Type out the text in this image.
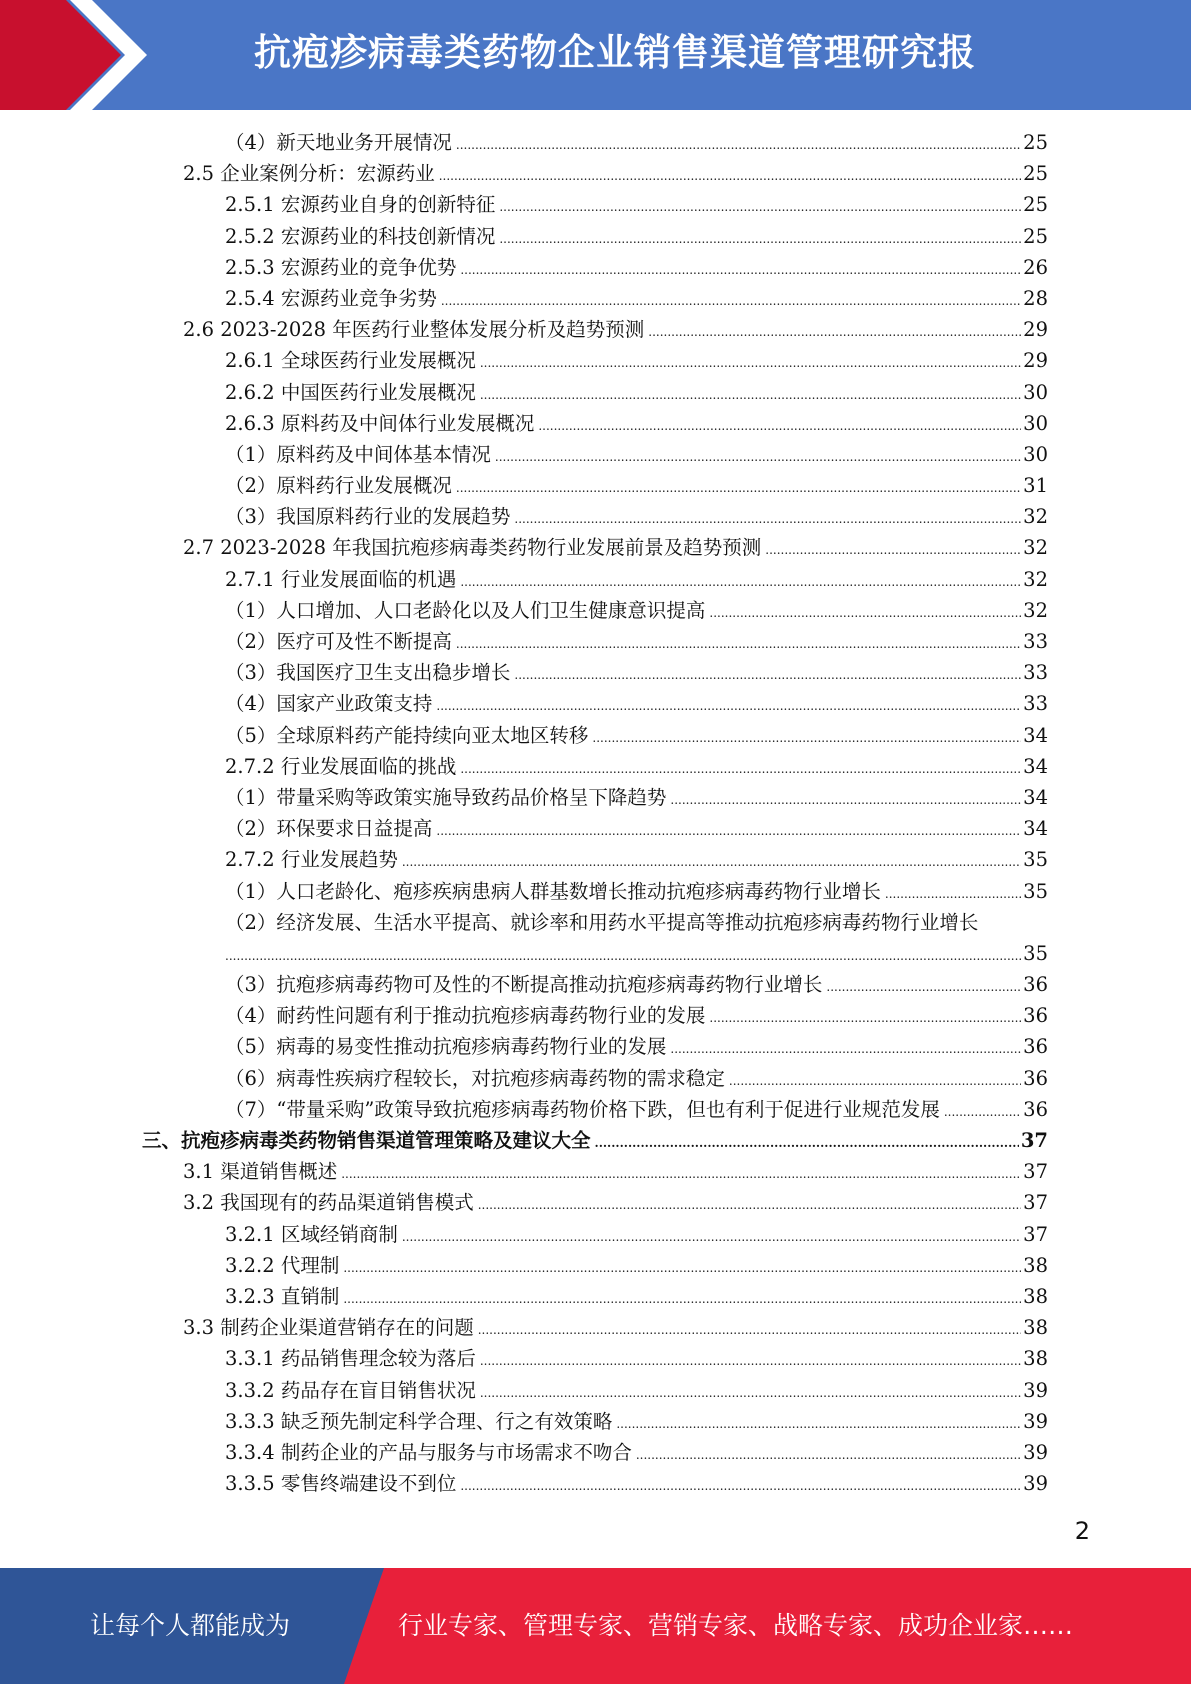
抗疱疹病毒类药物企业销售渠道管理研究报告
（4）新天地业务开展情况 .....	25
2.5 企业案例分析：宏源药业 .....	25
2.5.1 宏源药业自身的创新特征 .....	25
2.5.2 宏源药业的科技创新情况 .....	25
2.5.3 宏源药业的竞争优势 .....	26
2.5.4 宏源药业竞争劣势 .....	28
2.6 2023-2028 年医药行业整体发展分析及趋势预测 .....	29
2.6.1 全球医药行业发展概况 .....	29
2.6.2 中国医药行业发展概况 .....	30
2.6.3 原料药及中间体行业发展概况 .....	30
（1）原料药及中间体基本情况 .....	30
（2）原料药行业发展概况 .....	31
（3）我国原料药行业的发展趋势 .....	32
2.7 2023-2028 年我国抗疱疹病毒类药物行业发展前景及趋势预测 .....	32
2.7.1 行业发展面临的机遇 .....	32
（1）人口增加、人口老龄化以及人们卫生健康意识提高 .....	32
（2）医疗可及性不断提高 .....	33
（3）我国医疗卫生支出稳步增长 .....	33
（4）国家产业政策支持 .....	33
（5）全球原料药产能持续向亚太地区转移 .....	34
2.7.2 行业发展面临的挑战 .....	34
（1）带量采购等政策实施导致药品价格呈下降趋势 .....	34
（2）环保要求日益提高 .....	34
2.7.2 行业发展趋势 .....	35
（1）人口老龄化、疱疹疾病患病人群基数增长推动抗疱疹病毒药物行业增长 .....	35
（2）经济发展、生活水平提高、就诊率和用药水平提高等推动抗疱疹病毒药物行业增长
.....
35
（3）抗疱疹病毒药物可及性的不断提高推动抗疱疹病毒药物行业增长 .....	36
（4）耐药性问题有利于推动抗疱疹病毒药物行业的发展 .....	36
（5）病毒的易变性推动抗疱疹病毒药物行业的发展 .....	36
（6）病毒性疾病疗程较长，对抗疱疹病毒药物的需求稳定 .....	36
（7）“带量采购”政策导致抗疱疹病毒药物价格下跌，但也有利于促进行业规范发展 .....	36
三、抗疱疹病毒类药物销售渠道管理策略及建议大全 .....	37
3.1 渠道销售概述 .....	37
3.2 我国现有的药品渠道销售模式 .....	37
3.2.1 区域经销商制 .....	37
3.2.2 代理制 .....	38
3.2.3 直销制 .....	38
3.3 制药企业渠道营销存在的问题 .....	38
3.3.1 药品销售理念较为落后 .....	38
3.3.2 药品存在盲目销售状况 .....	39
3.3.3 缺乏预先制定科学合理、行之有效策略 .....	39
3.3.4 制药企业的产品与服务与市场需求不吻合 .....	39
3.3.5 零售终端建设不到位 .....	39
2
让每个人都能成为	行业专家、管理专家、营销专家、战略专家、成功企业家……
